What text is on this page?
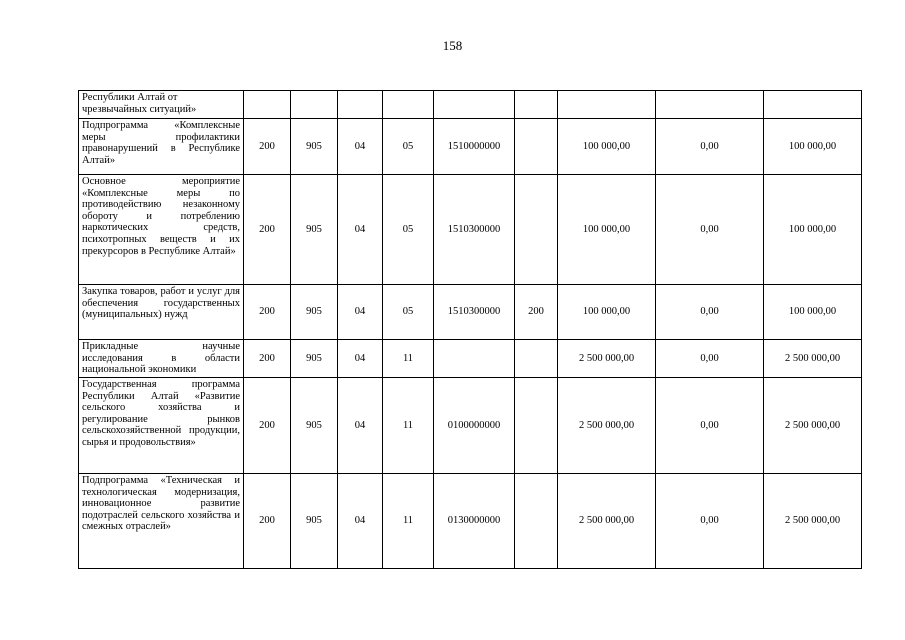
158
Республики Алтай от
чрезвычайных ситуаций»									
Подпрограмма «Комплексные меры профилактики правонарушений в Республике Алтай»	200	905	04	05	1510000000		100 000,00	0,00	100 000,00
Основное мероприятие «Комплексные меры по противодействию незаконному обороту и потреблению наркотических средств, психотропных веществ и их прекурсоров в Республике Алтай»	200	905	04	05	1510300000		100 000,00	0,00	100 000,00
Закупка товаров, работ и услуг для обеспечения государственных (муниципальных) нужд	200	905	04	05	1510300000	200	100 000,00	0,00	100 000,00
Прикладные научные исследования в области национальной экономики	200	905	04	11			2 500 000,00	0,00	2 500 000,00
Государственная программа Республики Алтай «Развитие сельского хозяйства и регулирование рынков сельскохозяйственной продукции, сырья и продовольствия»	200	905	04	11	0100000000		2 500 000,00	0,00	2 500 000,00
Подпрограмма «Техническая и технологическая модернизация, инновационное развитие подотраслей сельского хозяйства и смежных отраслей»	200	905	04	11	0130000000		2 500 000,00	0,00	2 500 000,00
